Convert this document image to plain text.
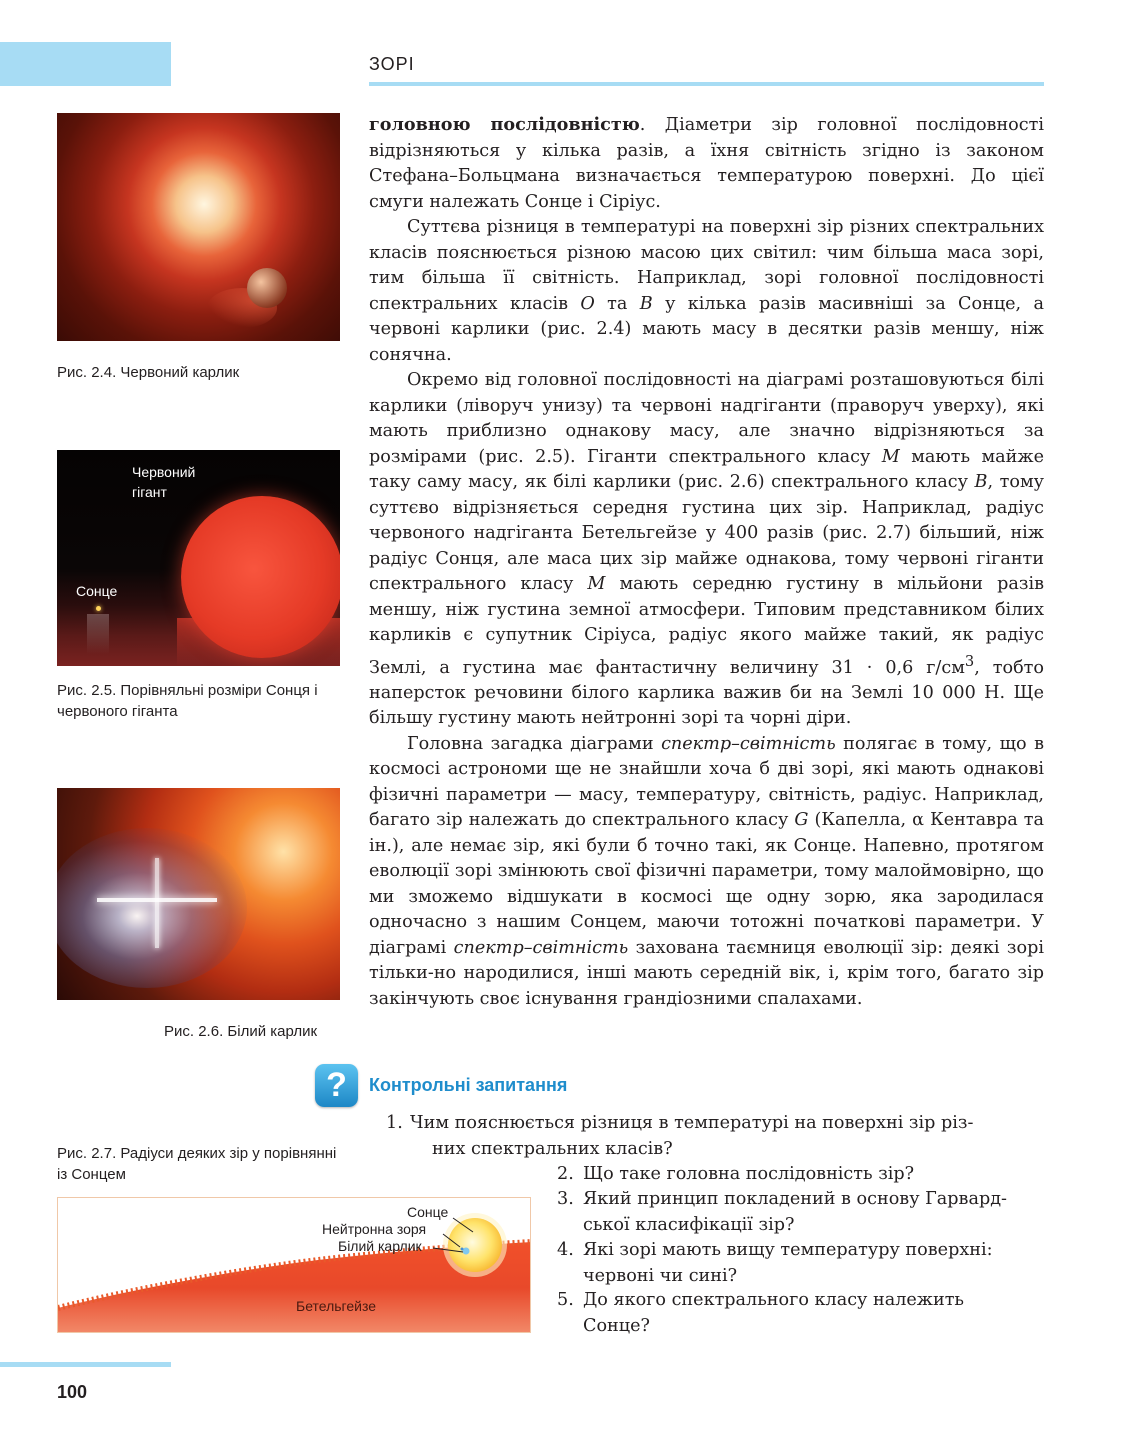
ЗОРІ
Рис. 2.4. Червоний карлик
Червоний гігант
Сонце
Рис. 2.5. Порівняльні розміри Сонця і червоного гіганта
Рис. 2.6. Білий карлик
Рис. 2.7. Радіуси деяких зір у порівнянні із Сонцем
Сонце
Нейтронна зоря
Білий карлик
Бетельгейзе

головною послідовністю. Діаметри зір головної послідовності відрізняються у кілька разів, а їхня світність згідно із законом Стефана–Больцмана визначається температурою поверхні. До цієї смуги належать Сонце і Сіріус.

Суттєва різниця в температурі на поверхні зір різних спектральних класів пояснюється різною масою цих світил: чим більша маса зорі, тим більша її світність. Наприклад, зорі головної послідовності спектральних класів O та B у кілька разів масивніші за Сонце, а червоні карлики (рис. 2.4) мають масу в десятки разів меншу, ніж сонячна.

Окремо від головної послідовності на діаграмі розташовуються білі карлики (ліворуч унизу) та червоні надгіганти (праворуч уверху), які мають приблизно однакову масу, але значно відрізняються за розмірами (рис. 2.5). Гіганти спектрального класу M мають майже таку саму масу, як білі карлики (рис. 2.6) спектрального класу B, тому суттєво відрізняється середня густина цих зір. Наприклад, радіус червоного надгіганта Бетельгейзе у 400 разів (рис. 2.7) більший, ніж радіус Сонця, але маса цих зір майже однакова, тому червоні гіганти спектрального класу M мають середню густину в мільйони разів меншу, ніж густина земної атмосфери. Типовим представником білих карликів є супутник Сіріуса, радіус якого майже такий, як радіус Землі, а густина має фантастичну величину 31 · 0,6 $г/см^3$, тобто наперсток речовини білого карлика важив би на Землі 10 000 Н. Ще більшу густину мають нейтронні зорі та чорні діри.

Головна загадка діаграми спектр–світність полягає в тому, що в космосі астрономи ще не знайшли хоча б дві зорі, які мають однакові фізичні параметри — масу, температуру, світність, радіус. Наприклад, багато зір належать до спектрального класу G (Капелла, α Кентавра та ін.), але немає зір, які були б точно такі, як Сонце. Напевно, протягом еволюції зорі змінюють свої фізичні параметри, тому малоймовірно, що ми зможемо відшукати в космосі ще одну зорю, яка зародилася одночасно з нашим Сонцем, маючи тотожні початкові параметри. У діаграмі спектр–світність захована таємниця еволюції зір: деякі зорі тільки-но народилися, інші мають середній вік, і, крім того, багато зір закінчують своє існування грандіозними спалахами.

?	Контрольні запитання
1. Чим пояснюється різниця в температурі на поверхні зір різ-
них спектральних класів?
2. Що таке головна послідовність зір?
3. Який принцип покладений в основу Гарвард-
ської класифікації зір?
4. Які зорі мають вищу температуру поверхні:
червоні чи сині?
5. До якого спектрального класу належить
Сонце?
100
